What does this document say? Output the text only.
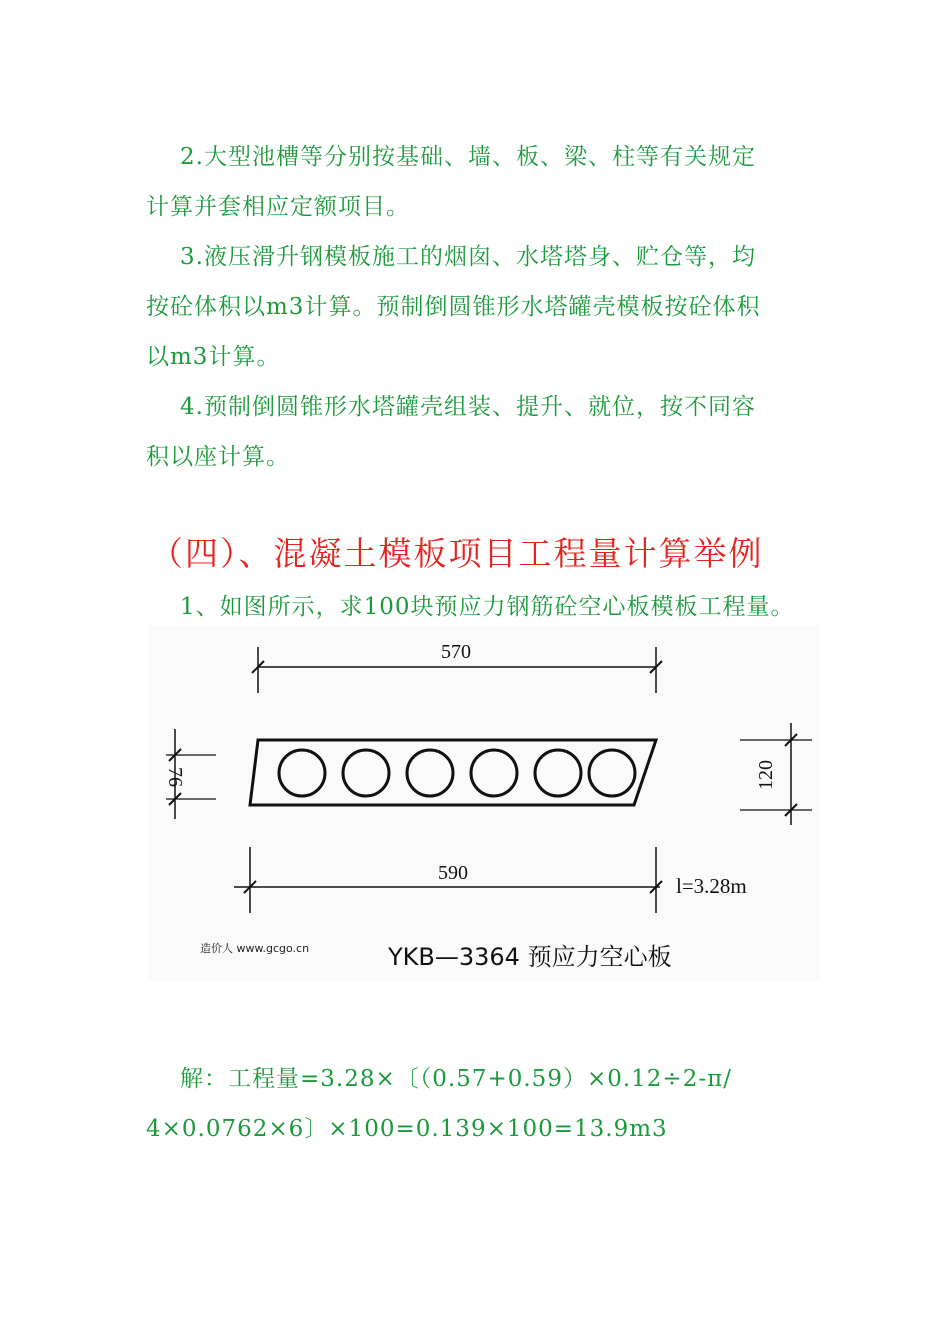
2.大型池槽等分别按基础、墙、板、梁、柱等有关规定
计算并套相应定额项目。
3.液压滑升钢模板施工的烟囱、水塔塔身、贮仓等，均
按砼体积以m3计算。预制倒圆锥形水塔罐壳模板按砼体积
以m3计算。
4.预制倒圆锥形水塔罐壳组装、提升、就位，按不同容
积以座计算。
（四）、混凝土模板项目工程量计算举例
1、如图所示，求100块预应力钢筋砼空心板模板工程量。
570
76	120
590
l=3.28m
造价人 www.gcgo.cn	YKB—3364 预应力空心板
解：工程量=3.28×〔（0.57+0.59）×0.12÷2-π/
4×0.0762×6〕×100=0.139×100=13.9m3
